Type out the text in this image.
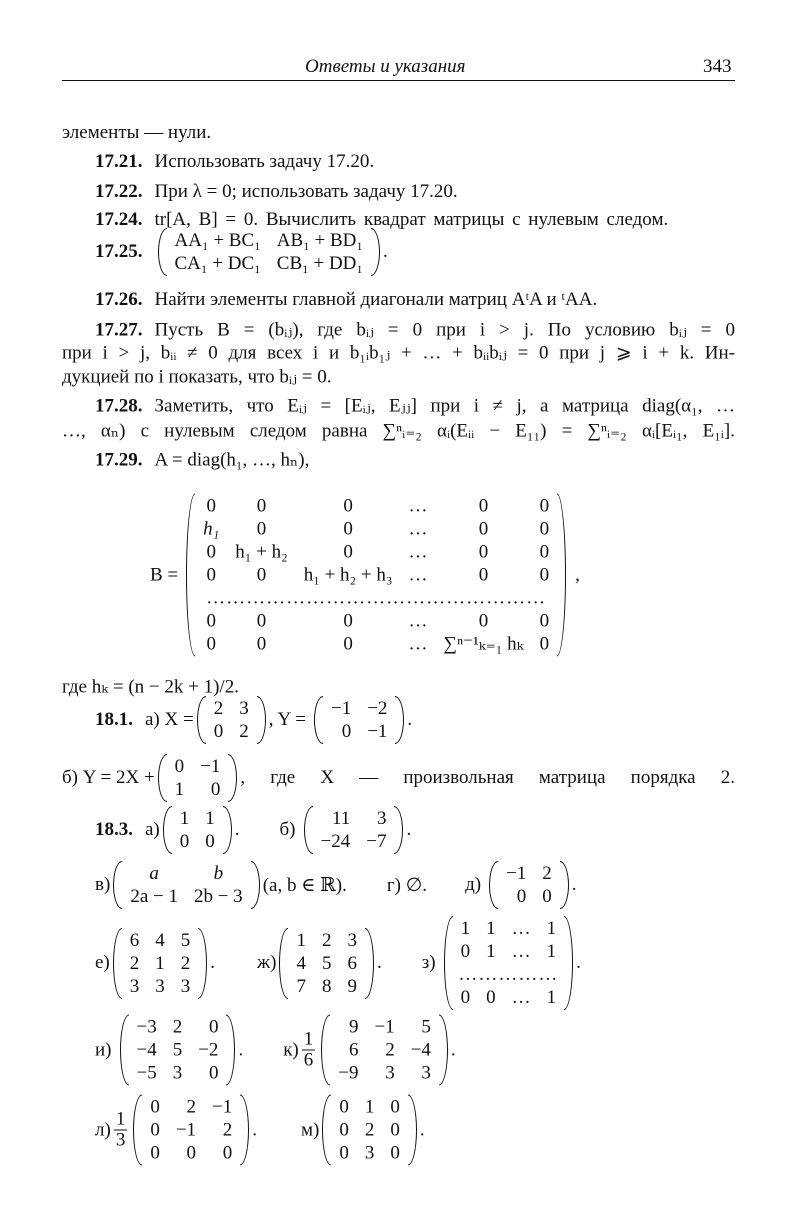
Ответы и указания	343
элементы — нули.
17.21. Использовать задачу 17.20.
17.22. При λ = 0; использовать задачу 17.20.
17.24. tr[A, B] = 0. Вычислить квадрат матрицы с нулевым следом.
17.25.
AA₁ + BC₁	AB₁ + BD₁
CA₁ + DC₁	CB₁ + DD₁
.
17.26. Найти элементы главной диагонали матриц AᵗA и ᵗAA.
17.27. Пусть B = (bᵢⱼ), где bᵢⱼ = 0 при i > j. По условию bᵢⱼ = 0
при i > j, bᵢᵢ ≠ 0 для всех i и b₁ᵢb₁ⱼ + … + bᵢᵢbᵢⱼ = 0 при j ⩾ i + k. Ин-
дукцией по i показать, что bᵢⱼ = 0.
17.28. Заметить, что Eᵢⱼ = [Eᵢⱼ, Eⱼⱼ] при i ≠ j, а матрица diag(α₁, …
…, αₙ) с нулевым следом равна ∑ⁿᵢ₌₂ αᵢ(Eᵢᵢ − E₁₁) = ∑ⁿᵢ₌₂ αᵢ[Eᵢ₁, E₁ᵢ].
17.29. A = diag(h₁, …, hₙ),
B =
0	0	0	…	0	0
h₁	0	0	…	0	0
0	h₁ + h₂	0	…	0	0
0	0	h₁ + h₂ + h₃	…	0	0
……………………………………………					
0	0	0	…	0	0
0	0	0	…	∑ⁿ⁻¹ₖ₌₁ hₖ	0
,
где hₖ = (n − 2k + 1)/2.
18.1. а) X =
2	3
0	2
, Y =
−1	−2
0	−1
.
б) Y = 2X +
0	−1
1	0
, где X — произвольная матрица порядка 2.
18.3. а)
1	1
0	0
. б)
11	3
−24	−7
.
в)
a	b
2a − 1	2b − 3
(a, b ∈ ℝ). г) ∅. д)
−1	2
0	0
.
е)
6	4	5
2	1	2
3	3	3
. ж)
1	2	3
4	5	6
7	8	9
. з)
1	1	…	1
0	1	…	1
……………			
0	0	…	1
.
и)
−3	2	0
−4	5	−2
−5	3	0
. $к) \frac{1}{6}$
9	−1	5
6	2	−4
−9	3	3
.
$л) \frac{1}{3}$
0	2	−1
0	−1	2
0	0	0
. м)
0	1	0
0	2	0
0	3	0
.
